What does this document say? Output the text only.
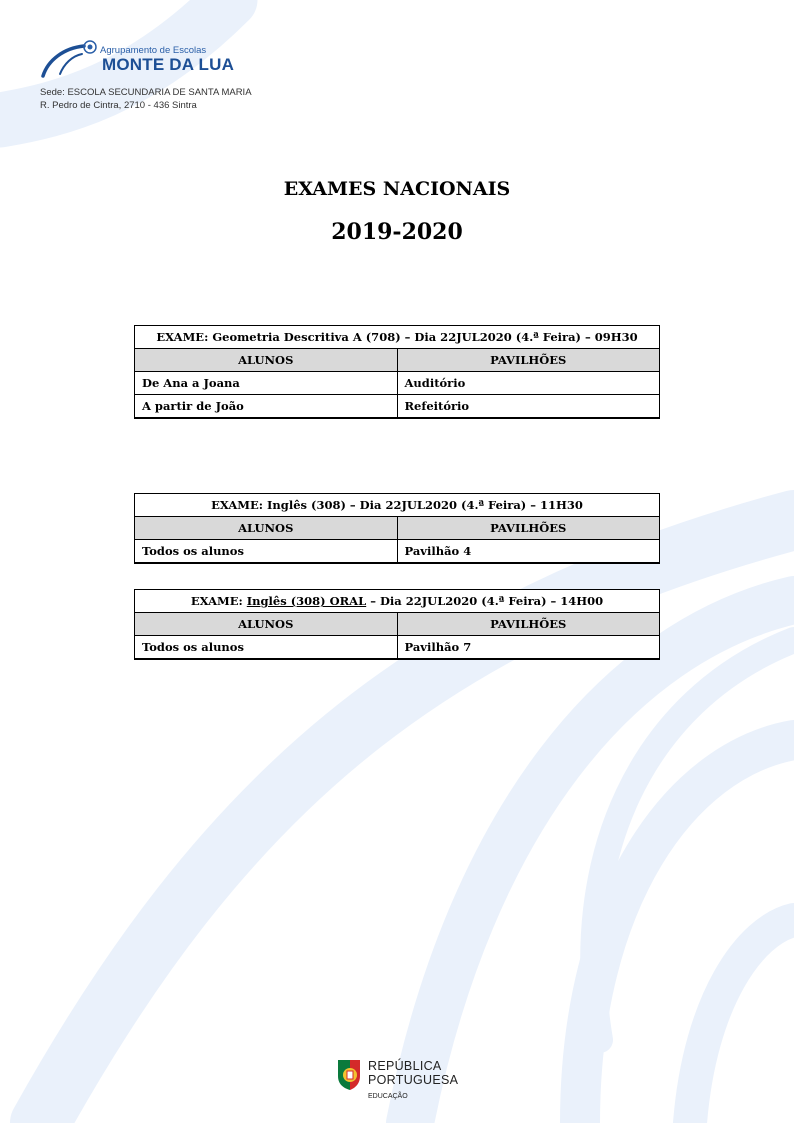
Agrupamento de Escolas
MONTE DA LUA
Sede: ESCOLA SECUNDARIA DE SANTA MARIA
R. Pedro de Cintra, 2710 - 436 Sintra
EXAMES NACIONAIS
2019-2020
EXAME: Geometria Descritiva A (708) – Dia 22JUL2020 (4.ª Feira) – 09H30	
ALUNOS	PAVILHÕES
De Ana a Joana	Auditório
A partir de João	Refeitório
EXAME: Inglês (308) – Dia 22JUL2020 (4.ª Feira) – 11H30	
ALUNOS	PAVILHÕES
Todos os alunos	Pavilhão 4
EXAME: Inglês (308) ORAL – Dia 22JUL2020 (4.ª Feira) – 14H00	
ALUNOS	PAVILHÕES
Todos os alunos	Pavilhão 7
REPÚBLICA
PORTUGUESA
EDUCAÇÃO
